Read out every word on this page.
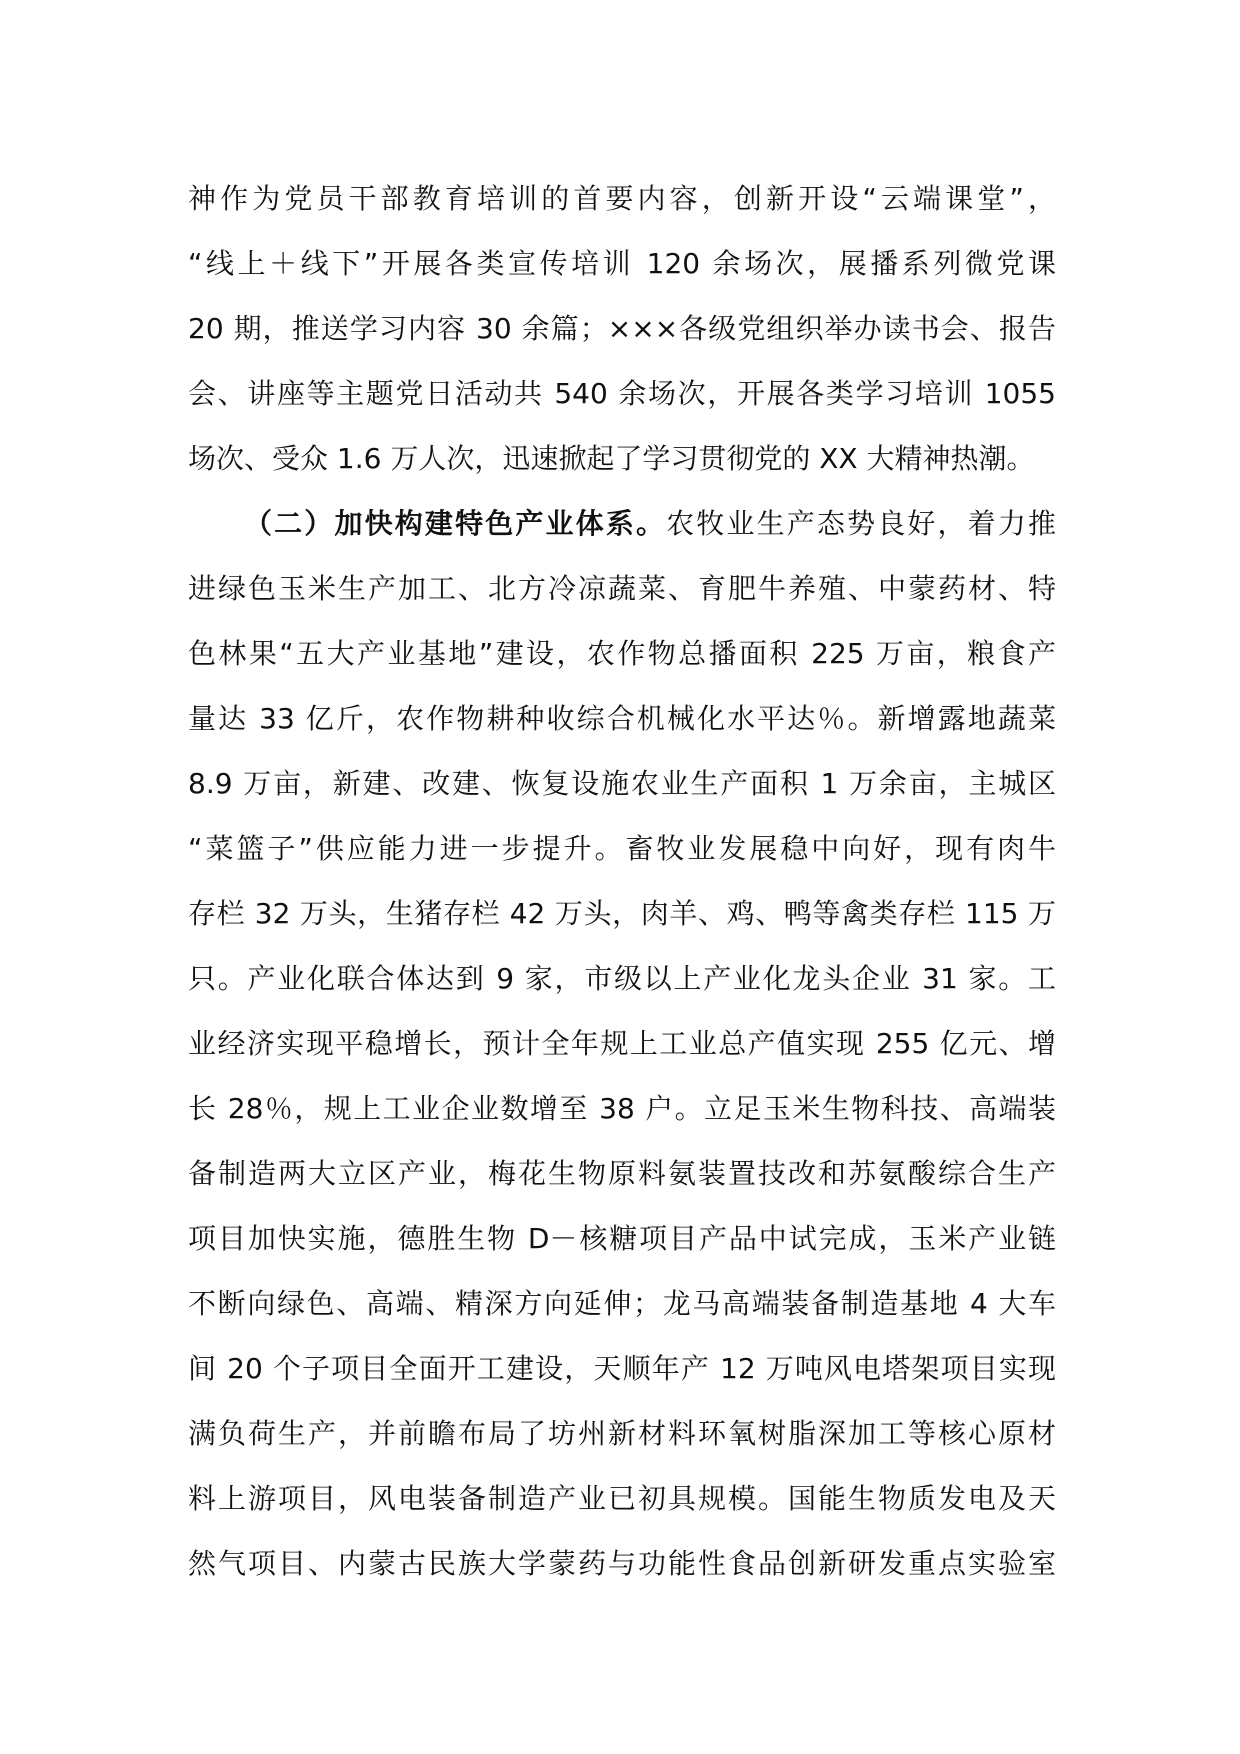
神作为党员干部教育培训的首要内容，创新开设“云端课堂”，
“线上＋线下”开展各类宣传培训 120 余场次，展播系列微党课
20 期，推送学习内容 30 余篇；×××各级党组织举办读书会、报告
会、讲座等主题党日活动共 540 余场次，开展各类学习培训 1055
场次、受众 1.6 万人次，迅速掀起了学习贯彻党的 XX 大精神热潮。
（二）加快构建特色产业体系。农牧业生产态势良好，着力推
进绿色玉米生产加工、北方冷凉蔬菜、育肥牛养殖、中蒙药材、特
色林果“五大产业基地”建设，农作物总播面积 225 万亩，粮食产
量达 33 亿斤，农作物耕种收综合机械化水平达％。新增露地蔬菜
8.9 万亩，新建、改建、恢复设施农业生产面积 1 万余亩，主城区
“菜篮子”供应能力进一步提升。畜牧业发展稳中向好，现有肉牛
存栏 32 万头，生猪存栏 42 万头，肉羊、鸡、鸭等禽类存栏 115 万
只。产业化联合体达到 9 家，市级以上产业化龙头企业 31 家。工
业经济实现平稳增长，预计全年规上工业总产值实现 255 亿元、增
长 28％，规上工业企业数增至 38 户。立足玉米生物科技、高端装
备制造两大立区产业，梅花生物原料氨装置技改和苏氨酸综合生产
项目加快实施，德胜生物 D－核糖项目产品中试完成，玉米产业链
不断向绿色、高端、精深方向延伸；龙马高端装备制造基地 4 大车
间 20 个子项目全面开工建设，天顺年产 12 万吨风电塔架项目实现
满负荷生产，并前瞻布局了坊州新材料环氧树脂深加工等核心原材
料上游项目，风电装备制造产业已初具规模。国能生物质发电及天
然气项目、内蒙古民族大学蒙药与功能性食品创新研发重点实验室
